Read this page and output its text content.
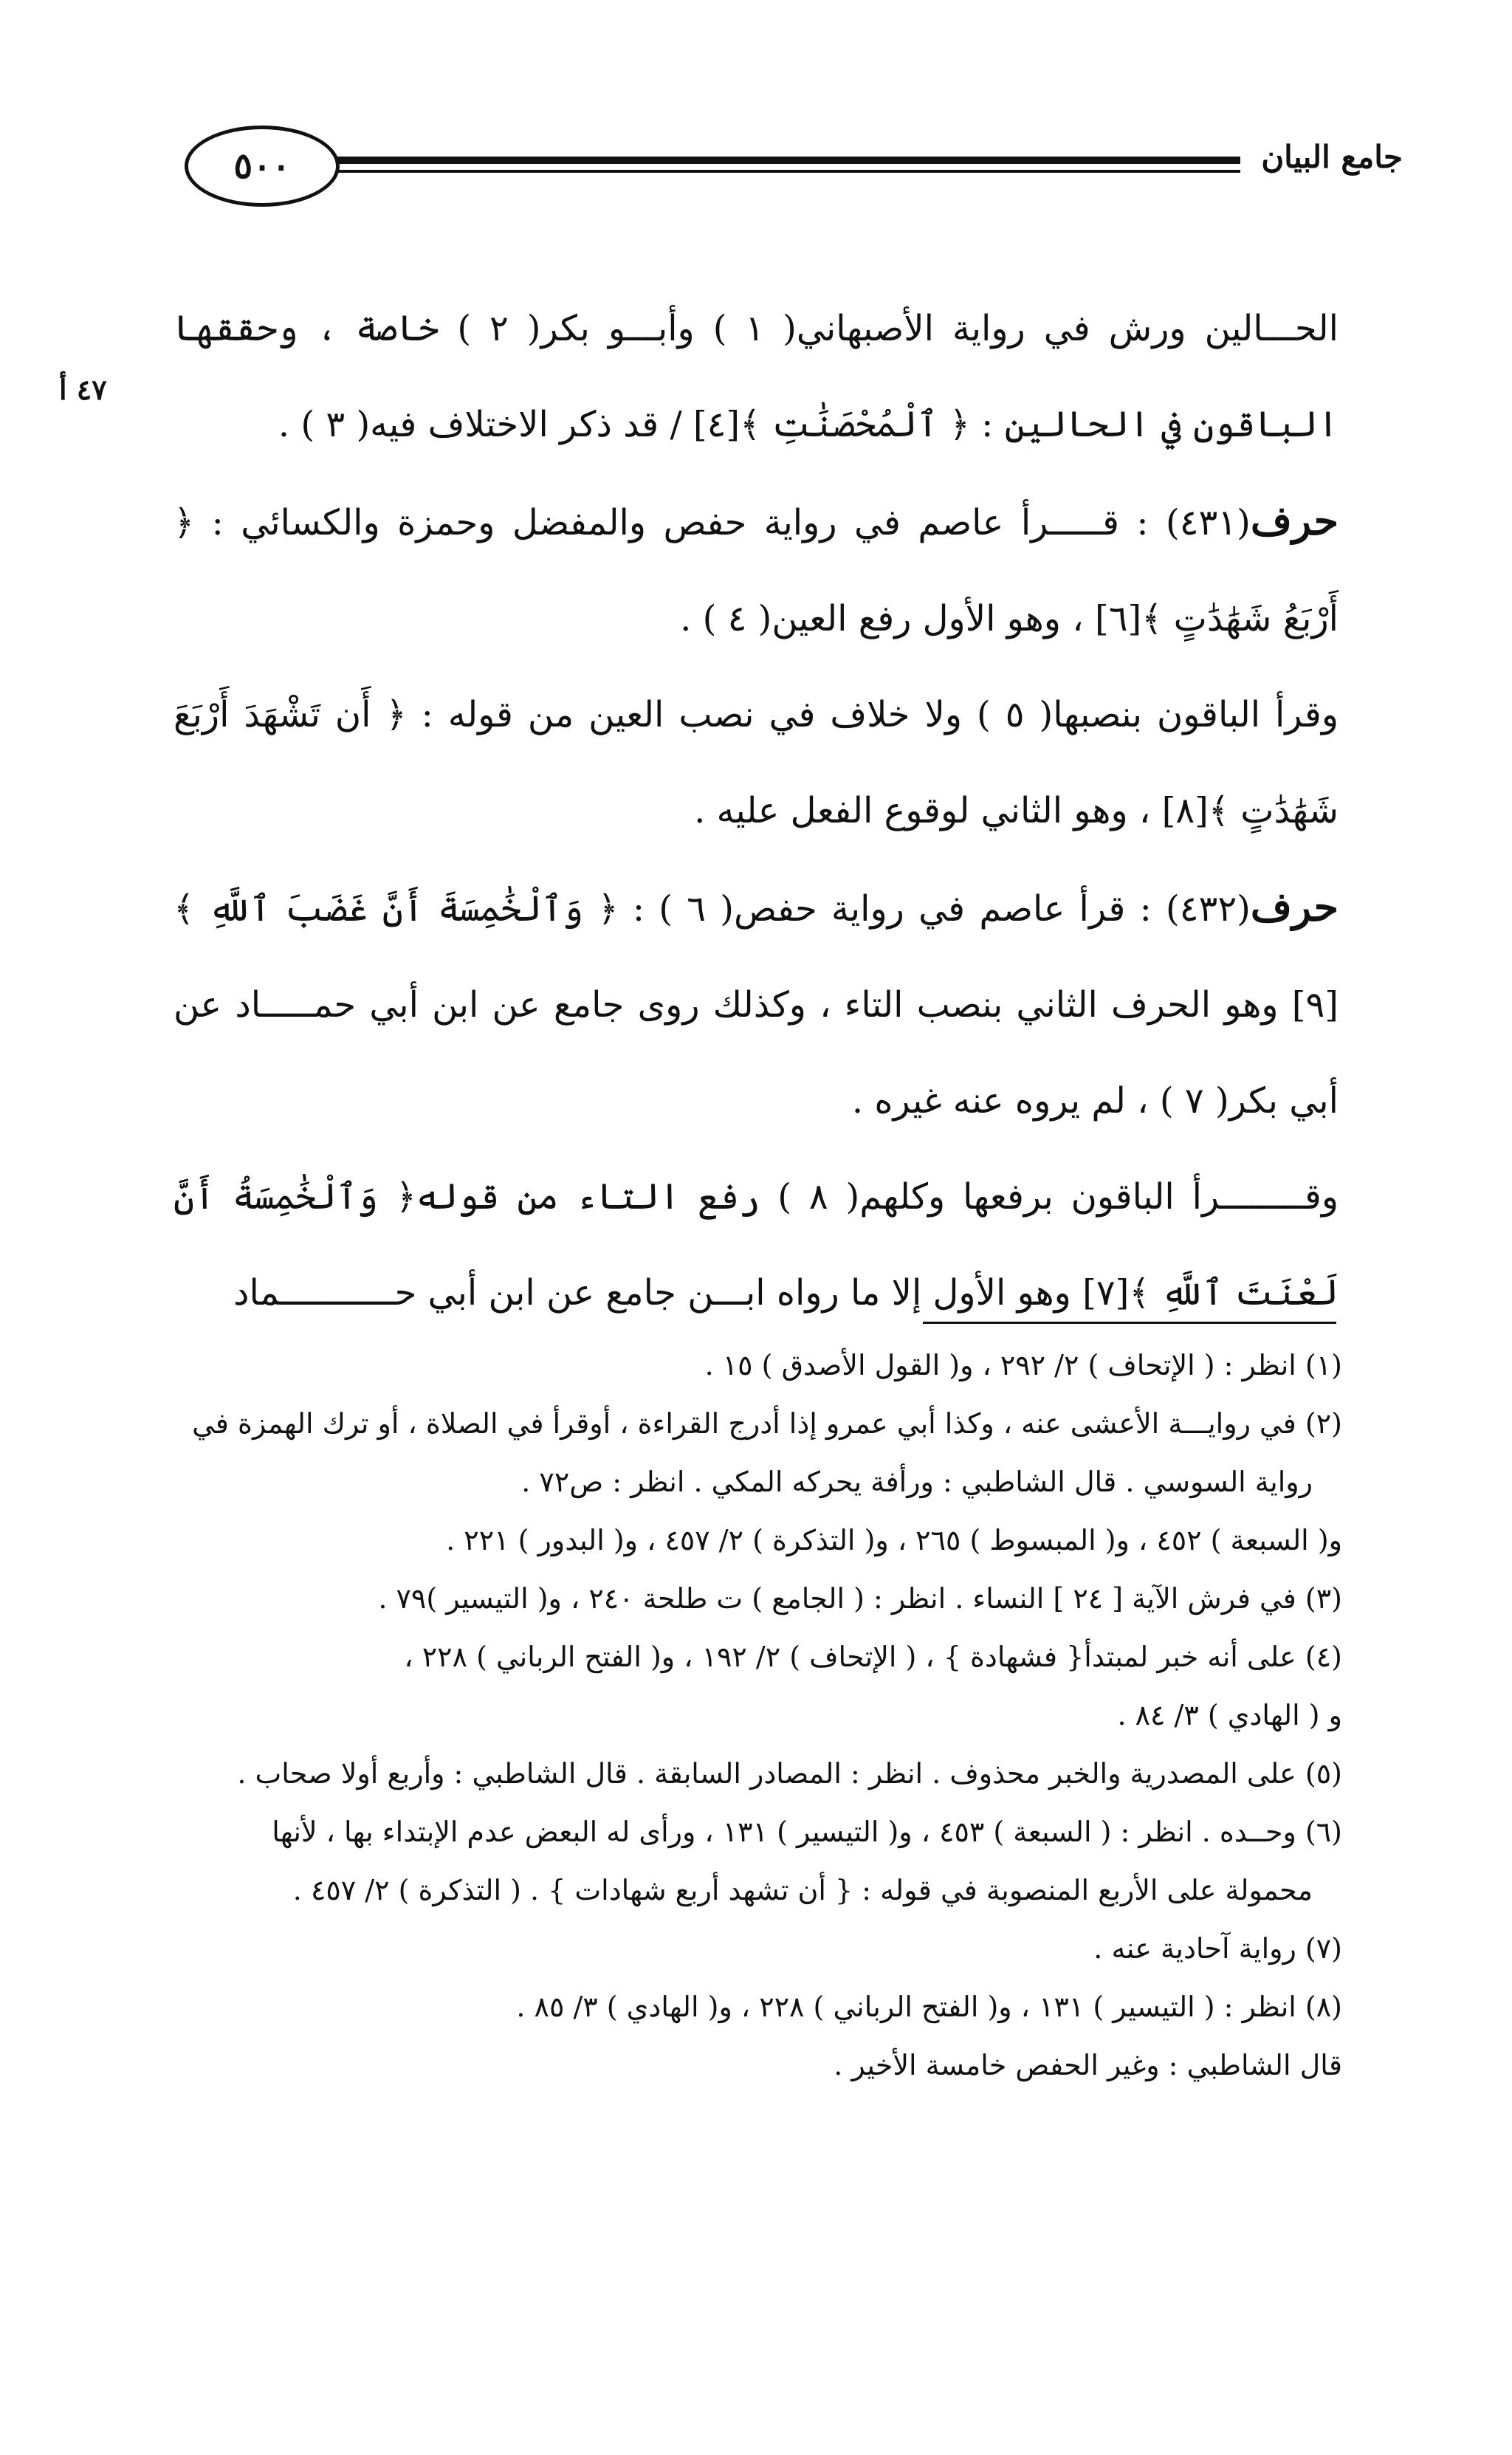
٥٠٠	جامع البيان
٤٧ أ

الحـــالين ورش في رواية الأصبهاني( ١ ) وأبـــو بكر( ٢ ) خاصة ، وحققها الباقون في الحالين : ﴿ ٱلْمُحْصَنَٰتِ ﴾[٤] / قد ذكر الاختلاف فيه( ٣ ) .

حرف(٤٣١) : قـــــرأ عاصم في رواية حفص والمفضل وحمزة والكسائي : ﴿ أَرْبَعُ شَهَٰدَٰتٍ ﴾[٦] ، وهو الأول رفع العين( ٤ ) .

وقرأ الباقون بنصبها( ٥ ) ولا خلاف في نصب العين من قوله : ﴿ أَن تَشْهَدَ أَرْبَعَ شَهَٰدَٰتٍ ﴾[٨] ، وهو الثاني لوقوع الفعل عليه .

حرف(٤٣٢) : قرأ عاصم في رواية حفص( ٦ ) : ﴿ وَٱلْخَٰمِسَةَ أَنَّ غَضَبَ ٱللَّهِ ﴾[٩] وهو الحرف الثاني بنصب التاء ، وكذلك روى جامع عن ابن أبي حمـــــاد عن أبي بكر( ٧ ) ، لم يروه عنه غيره .

وقــــــــرأ الباقون برفعها وكلهم( ٨ ) رفع التاء من قوله﴿ وَٱلْخَٰمِسَةُ أَنَّ لَعْنَتَ ٱللَّهِ ﴾[٧] وهو الأول إلا ما رواه ابـــن جامع عن ابن أبي حـــــــــــماد

(١) انظر : ( الإتحاف ) ٢/ ٢٩٢ ، و( القول الأصدق ) ١٥ .

(٢) في روايـــة الأعشى عنه ، وكذا أبي عمرو إذا أدرج القراءة ، أوقرأ في الصلاة ، أو ترك الهمزة في

رواية السوسي . قال الشاطبي : ورأفة يحركه المكي . انظر : ص٧٢ .

و( السبعة ) ٤٥٢ ، و( المبسوط ) ٢٦٥ ، و( التذكرة ) ٢/ ٤٥٧ ، و( البدور ) ٢٢١ .

(٣) في فرش الآية [ ٢٤ ] النساء . انظر : ( الجامع ) ت طلحة ٢٤٠ ، و( التيسير )٧٩ .

(٤) على أنه خبر لمبتدأ{ فشهادة } ، ( الإتحاف ) ٢/ ١٩٢ ، و( الفتح الرباني ) ٢٢٨ ،

و ( الهادي ) ٣/ ٨٤ .

(٥) على المصدرية والخبر محذوف . انظر : المصادر السابقة . قال الشاطبي : وأربع أولا صحاب .

(٦) وحــده . انظر : ( السبعة ) ٤٥٣ ، و( التيسير ) ١٣١ ، ورأى له البعض عدم الإبتداء بها ، لأنها

محمولة على الأربع المنصوبة في قوله : { أن تشهد أربع شهادات } . ( التذكرة ) ٢/ ٤٥٧ .

(٧) رواية آحادية عنه .

(٨) انظر : ( التيسير ) ١٣١ ، و( الفتح الرباني ) ٢٢٨ ، و( الهادي ) ٣/ ٨٥ .

قال الشاطبي : وغير الحفص خامسة الأخير .
